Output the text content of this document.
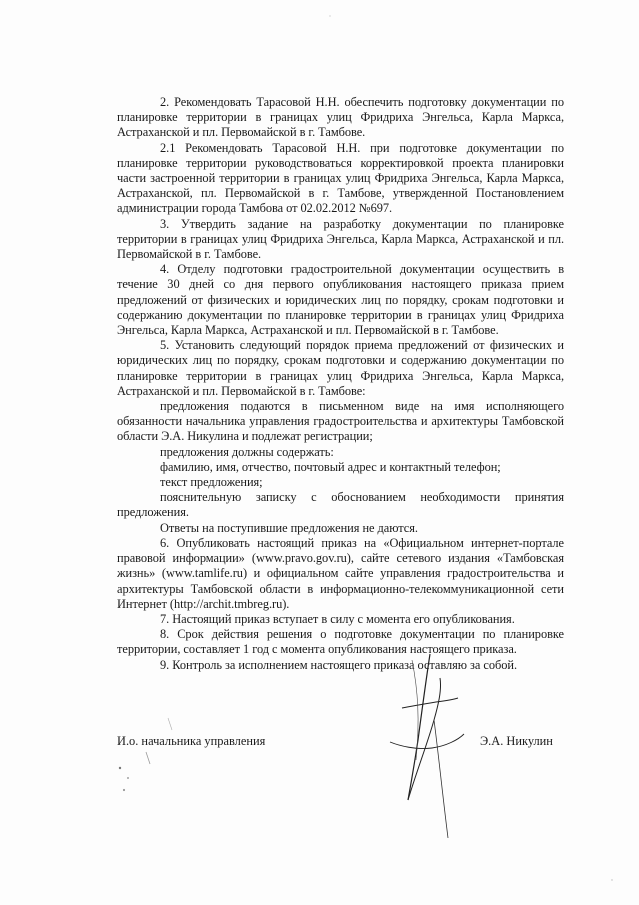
2. Рекомендовать Тарасовой Н.Н. обеспечить подготовку документации по планировке территории в границах улиц Фридриха Энгельса, Карла Маркса, Астраханской и пл. Первомайской в г. Тамбове.

2.1 Рекомендовать Тарасовой Н.Н. при подготовке документации по планировке территории руководствоваться корректировкой проекта планировки части застроенной территории в границах улиц Фридриха Энгельса, Карла Маркса, Астраханской, пл. Первомайской в г. Тамбове, утвержденной Постановлением администрации города Тамбова от 02.02.2012 №697.

3. Утвердить задание на разработку документации по планировке территории в границах улиц Фридриха Энгельса, Карла Маркса, Астраханской и пл. Первомайской в г. Тамбове.

4. Отделу подготовки градостроительной документации осуществить в течение 30 дней со дня первого опубликования настоящего приказа прием предложений от физических и юридических лиц по порядку, срокам подготовки и содержанию документации по планировке территории в границах улиц Фридриха Энгельса, Карла Маркса, Астраханской и пл. Первомайской в г. Тамбове.

5. Установить следующий порядок приема предложений от физических и юридических лиц по порядку, срокам подготовки и содержанию документации по планировке территории в границах улиц Фридриха Энгельса, Карла Маркса, Астраханской и пл. Первомайской в г. Тамбове:

предложения подаются в письменном виде на имя исполняющего обязанности начальника управления градостроительства и архитектуры Тамбовской области Э.А. Никулина и подлежат регистрации;

предложения должны содержать:

фамилию, имя, отчество, почтовый адрес и контактный телефон;

текст предложения;

пояснительную записку с обоснованием необходимости принятия предложения.

Ответы на поступившие предложения не даются.

6. Опубликовать настоящий приказ на «Официальном интернет-портале правовой информации» (www.pravo.gov.ru), сайте сетевого издания «Тамбовская жизнь» (www.tamlife.ru) и официальном сайте управления градостроительства и архитектуры Тамбовской области в информационно-телекоммуникационной сети Интернет (http://archit.tmbreg.ru).

7. Настоящий приказ вступает в силу с момента его опубликования.

8. Срок действия решения о подготовке документации по планировке территории, составляет 1 год с момента опубликования настоящего приказа.

9. Контроль за исполнением настоящего приказа оставляю за собой.

И.о. начальника управления	Э.А. Никулин
